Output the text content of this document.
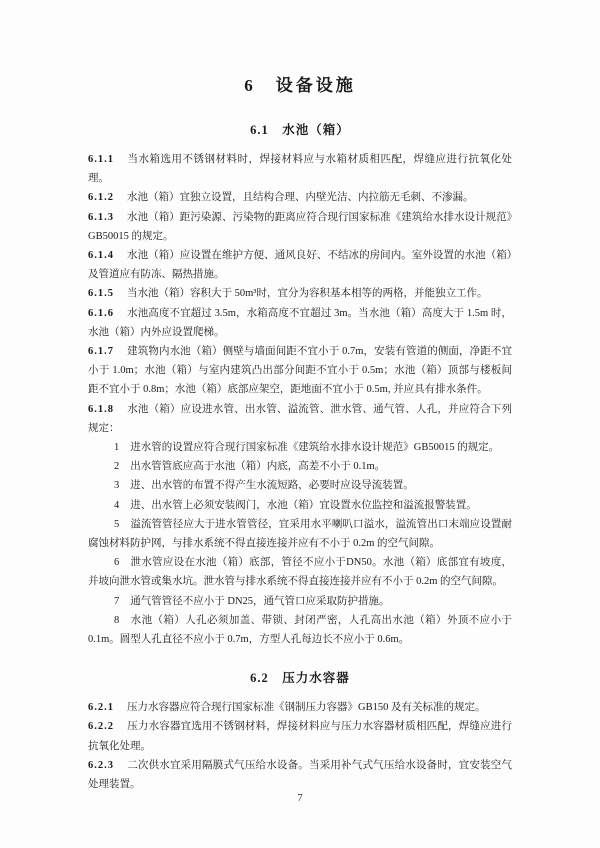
6　设备设施
6.1　水池（箱）

6.1.1 当水箱选用不锈钢材料时，焊接材料应与水箱材质相匹配，焊缝应进行抗氧化处理。

6.1.2 水池（箱）宜独立设置，且结构合理、内壁光洁、内拉筋无毛刺、不渗漏。

6.1.3 水池（箱）距污染源、污染物的距离应符合现行国家标准《建筑给水排水设计规范》GB50015 的规定。

6.1.4 水池（箱）应设置在维护方便、通风良好、不结冰的房间内。室外设置的水池（箱）及管道应有防冻、隔热措施。

6.1.5 当水池（箱）容积大于 50m³时，宜分为容积基本相等的两格，并能独立工作。

6.1.6 水池高度不宜超过 3.5m，水箱高度不宜超过 3m。当水池（箱）高度大于 1.5m 时，水池（箱）内外应设置爬梯。

6.1.7 建筑物内水池（箱）侧壁与墙面间距不宜小于 0.7m，安装有管道的侧面，净距不宜小于 1.0m；水池（箱）与室内建筑凸出部分间距不宜小于 0.5m；水池（箱）顶部与楼板间距不宜小于 0.8m；水池（箱）底部应架空，距地面不宜小于 0.5m, 并应具有排水条件。

6.1.8 水池（箱）应设进水管、出水管、溢流管、泄水管、通气管、人孔，并应符合下列规定：

1 进水管的设置应符合现行国家标准《建筑给水排水设计规范》GB50015 的规定。

2 出水管管底应高于水池（箱）内底，高差不小于 0.1m。

3 进、出水管的布置不得产生水流短路，必要时应设导流装置。

4 进、出水管上必须安装阀门，水池（箱）宜设置水位监控和溢流报警装置。

5 溢流管管径应大于进水管管径，宜采用水平喇叭口溢水，溢流管出口末端应设置耐腐蚀材料防护网，与排水系统不得直接连接并应有不小于 0.2m 的空气间隙。

6 泄水管应设在水池（箱）底部，管径不应小于DN50。水池（箱）底部宜有坡度，并坡向泄水管或集水坑。泄水管与排水系统不得直接连接并应有不小于 0.2m 的空气间隙。

7 通气管管径不应小于 DN25，通气管口应采取防护措施。

8 水池（箱）人孔必须加盖、带锁、封闭严密，人孔高出水池（箱）外顶不应小于 0.1m。圆型人孔直径不应小于 0.7m，方型人孔每边长不应小于 0.6m。

6.2　压力水容器

6.2.1 压力水容器应符合现行国家标准《钢制压力容器》GB150 及有关标准的规定。

6.2.2 压力水容器宜选用不锈钢材料，焊接材料应与压力水容器材质相匹配，焊缝应进行抗氧化处理。

6.2.3 二次供水宜采用隔膜式气压给水设备。当采用补气式气压给水设备时，宜安装空气处理装置。

7
